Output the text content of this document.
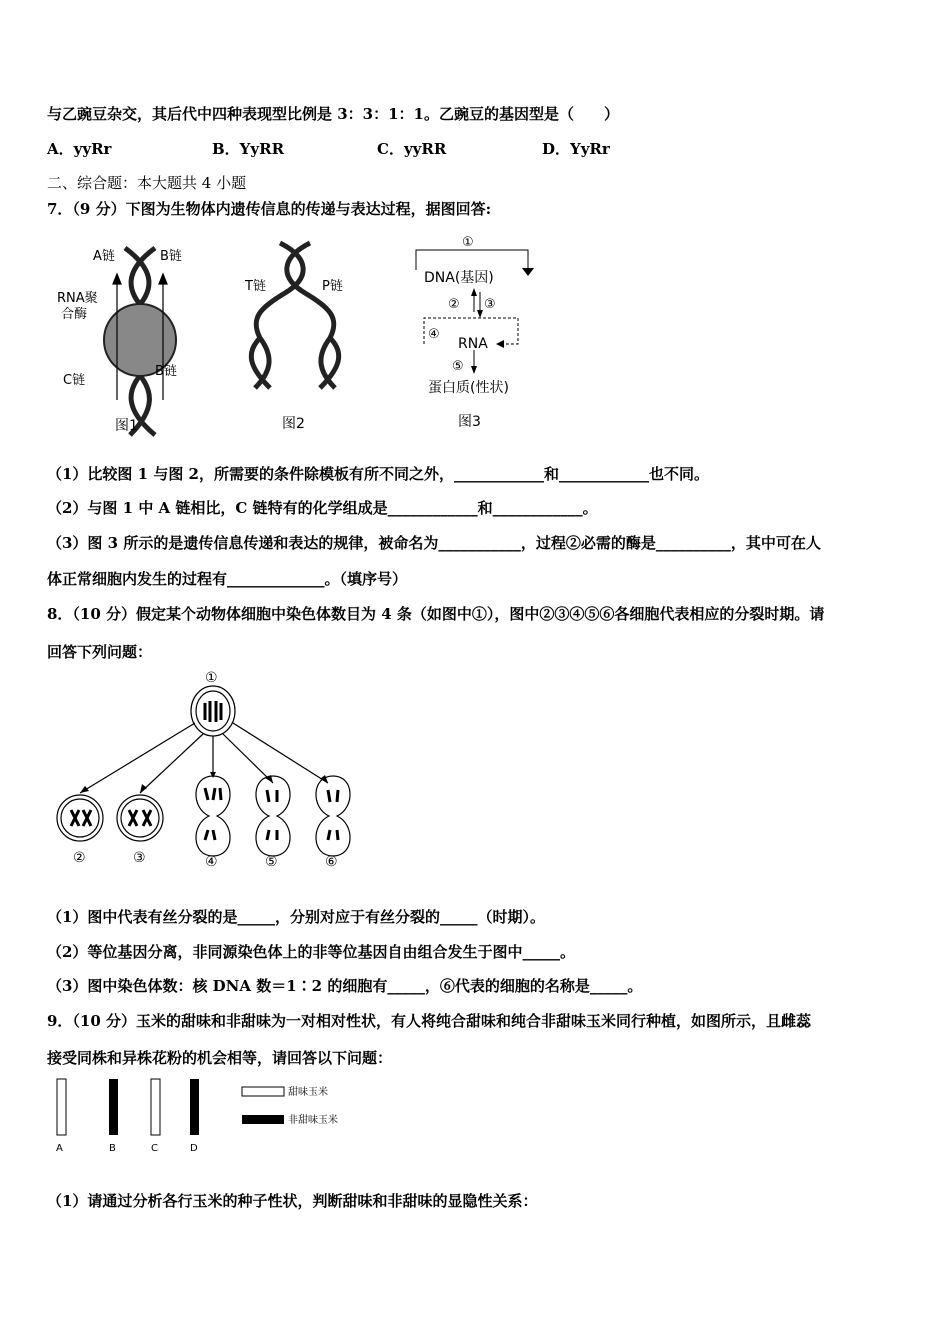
与乙豌豆杂交，其后代中四种表现型比例是 3：3：1：1。乙豌豆的基因型是（　　）
A．yyRr	B．YyRR	C．yyRR	D．YyRr
二、综合题：本大题共 4 小题
7．（9 分）下图为生物体内遗传信息的传递与表达过程，据图回答:
A链	B链
RNA聚
合酶
C链
B链
图1
T链	P链
图2
①
DNA(基因)
② ③
④
RNA
⑤
蛋白质(性状)
图3
（1）比较图 1 与图 2，所需要的条件除模板有所不同之外，____________和____________也不同。
（2）与图 1 中 A 链相比，C 链特有的化学组成是____________和____________。
（3）图 3 所示的是遗传信息传递和表达的规律，被命名为___________，过程②必需的酶是__________，其中可在人
体正常细胞内发生的过程有_____________。（填序号）
8．（10 分）假定某个动物体细胞中染色体数目为 4 条（如图中①），图中②③④⑤⑥各细胞代表相应的分裂时期。请
回答下列问题：
①
②	③	④	⑤	⑥
（1）图中代表有丝分裂的是_____，分别对应于有丝分裂的_____（时期）。
（2）等位基因分离，非同源染色体上的非等位基因自由组合发生于图中_____。
（3）图中染色体数：核 DNA 数＝1∶2 的细胞有_____，⑥代表的细胞的名称是_____。
9．（10 分）玉米的甜味和非甜味为一对相对性状，有人将纯合甜味和纯合非甜味玉米同行种植，如图所示，且雌蕊
接受同株和异株花粉的机会相等，请回答以下问题：
A	B	C	D
甜味玉米
非甜味玉米
（1）请通过分析各行玉米的种子性状，判断甜味和非甜味的显隐性关系：
